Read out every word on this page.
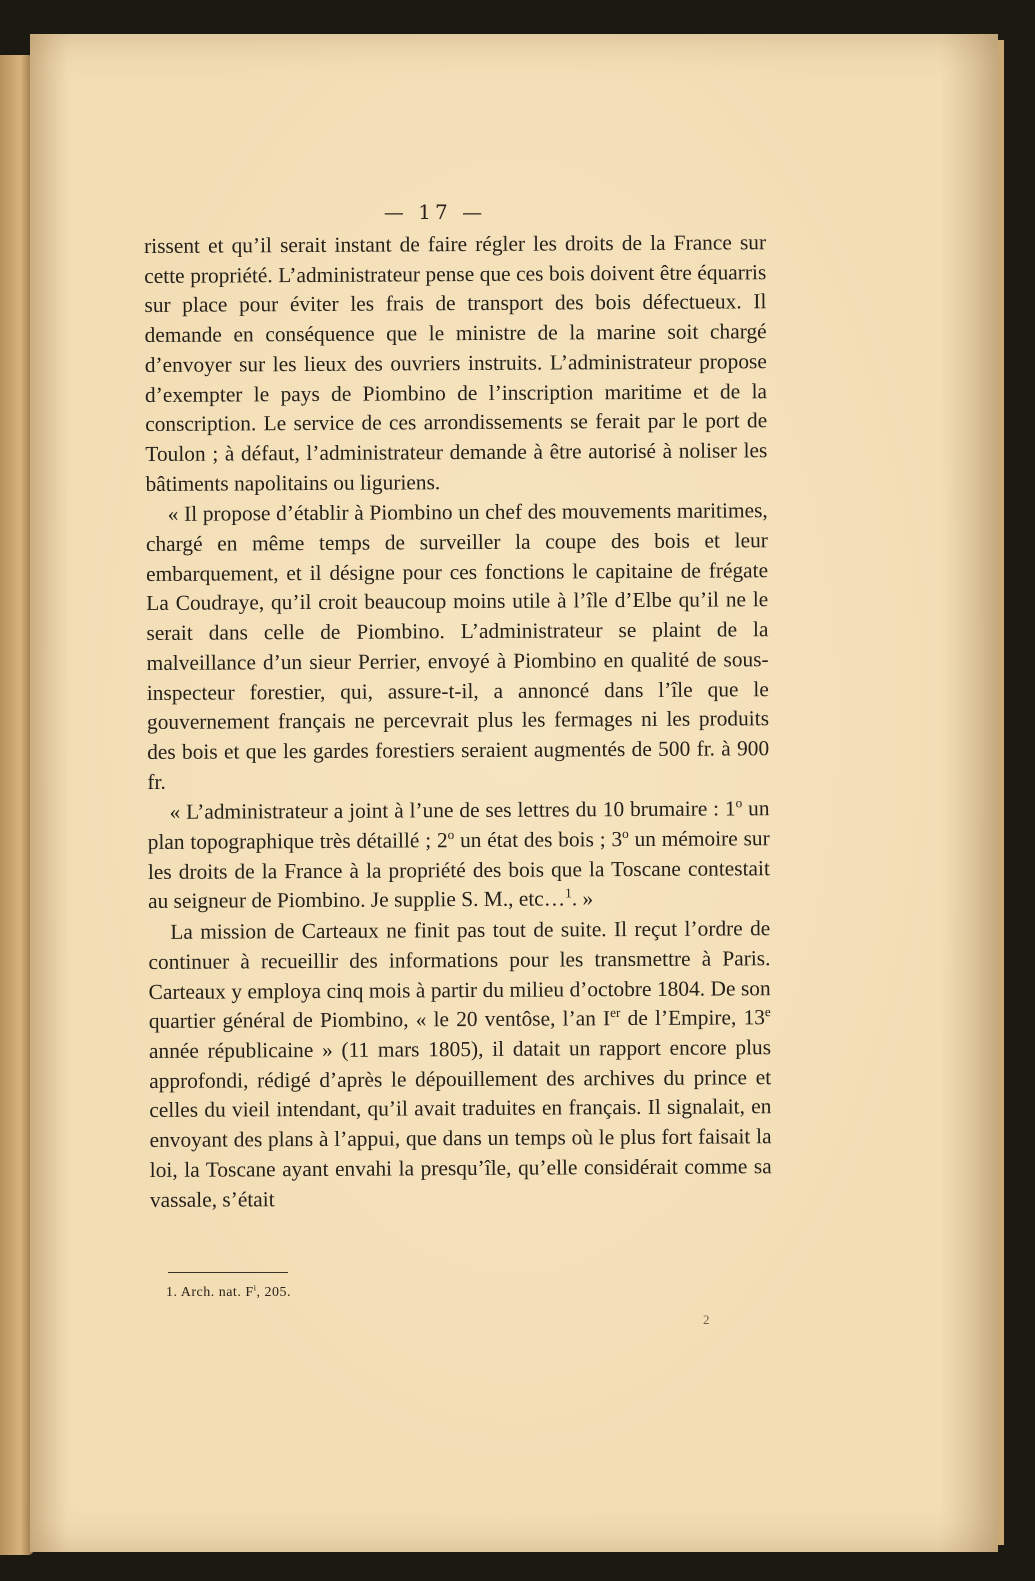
— 17 —

rissent et qu’il serait instant de faire régler les droits de la France sur cette propriété. L’administrateur pense que ces bois doivent être équarris sur place pour éviter les frais de transport des bois défectueux. Il demande en conséquence que le ministre de la marine soit chargé d’envoyer sur les lieux des ouvriers instruits. L’administrateur propose d’exempter le pays de Piombino de l’inscription maritime et de la conscription. Le service de ces arrondissements se ferait par le port de Toulon ; à défaut, l’administrateur demande à être autorisé à noliser les bâtiments napolitains ou liguriens.

« Il propose d’établir à Piombino un chef des mouvements maritimes, chargé en même temps de surveiller la coupe des bois et leur embarquement, et il désigne pour ces fonctions le capitaine de frégate La Coudraye, qu’il croit beaucoup moins utile à l’île d’Elbe qu’il ne le serait dans celle de Piombino. L’administrateur se plaint de la malveillance d’un sieur Perrier, envoyé à Piombino en qualité de sous-inspecteur forestier, qui, assure-t-il, a annoncé dans l’île que le gouvernement français ne percevrait plus les fermages ni les produits des bois et que les gardes forestiers seraient augmentés de 500 fr. à 900 fr.

« L’administrateur a joint à l’une de ses lettres du 10 brumaire : 1$^o$ un plan topographique très détaillé ; 2$^o$ un état des bois ; 3$^o$ un mémoire sur les droits de la France à la propriété des bois que la Toscane contestait au seigneur de Piombino. Je supplie S. M., etc…$^1$. »

La mission de Carteaux ne finit pas tout de suite. Il reçut l’ordre de continuer à recueillir des informations pour les transmettre à Paris. Carteaux y employa cinq mois à partir du milieu d’octobre 1804. De son quartier général de Piombino, « le 20 ventôse, l’an Ier de l’Empire, 13e année républicaine » (11 mars 1805), il datait un rapport encore plus approfondi, rédigé d’après le dépouillement des archives du prince et celles du vieil intendant, qu’il avait traduites en français. Il signalait, en envoyant des plans à l’appui, que dans un temps où le plus fort faisait la loi, la Toscane ayant envahi la presqu’île, qu’elle considérait comme sa vassale, s’était

1. Arch. nat. $F^i$, 205.
2
